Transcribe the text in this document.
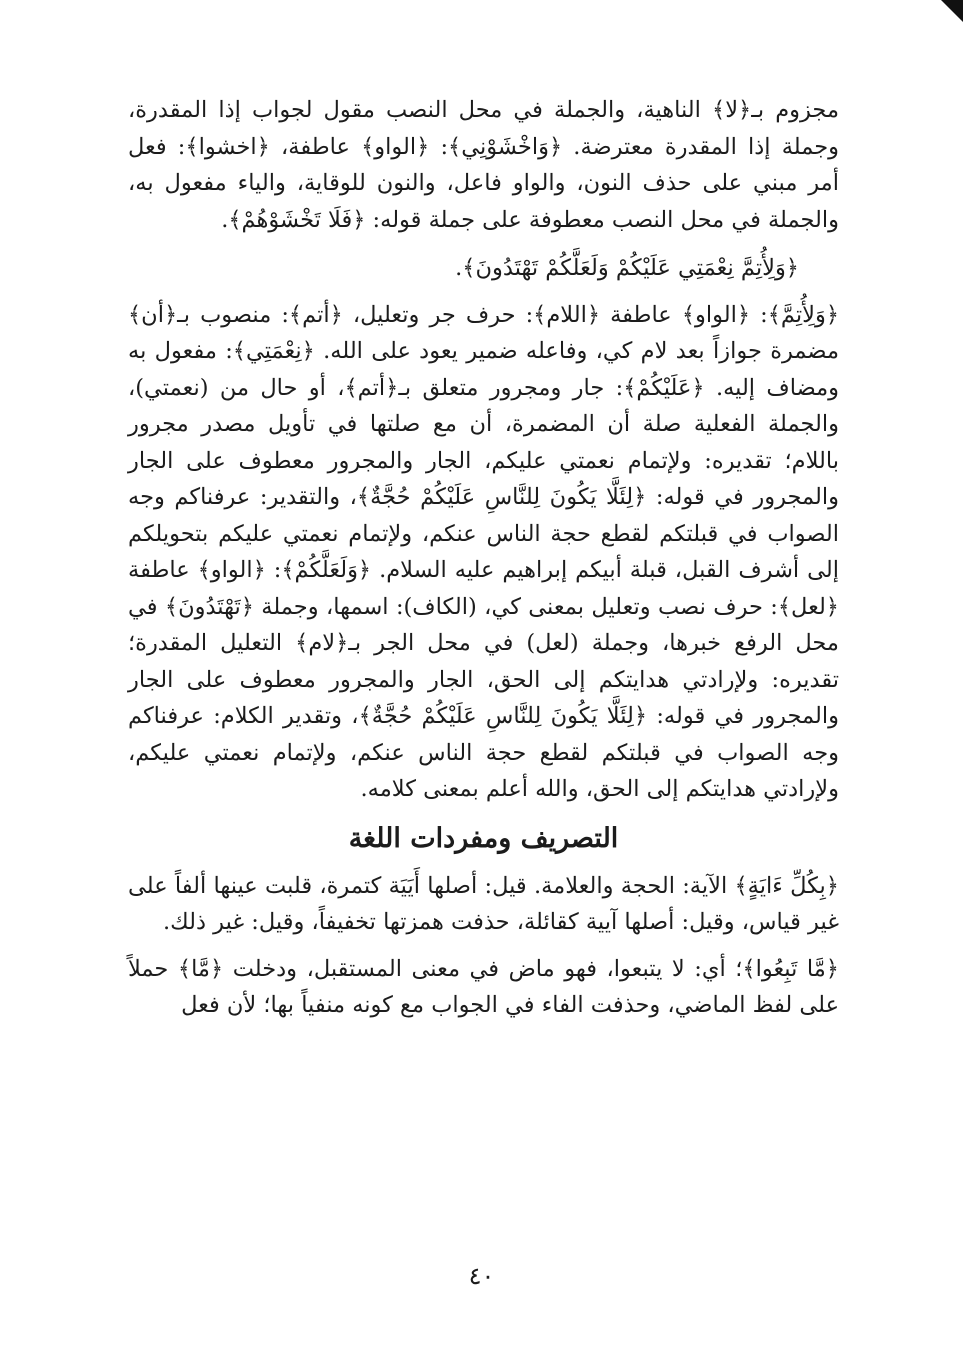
مجزوم بـ﴿لا﴾ الناهية، والجملة في محل النصب مقول لجواب إذا المقدرة، وجملة إذا المقدرة معترضة. ﴿وَاخْشَوْنِي﴾: ﴿الواو﴾ عاطفة، ﴿اخشوا﴾: فعل أمر مبني على حذف النون، والواو فاعل، والنون للوقاية، والياء مفعول به، والجملة في محل النصب معطوفة على جملة قوله: ﴿فَلَا تَخْشَوْهُمْ﴾.

﴿وَلِأُتِمَّ نِعْمَتِي عَلَيْكُمْ وَلَعَلَّكُمْ تَهْتَدُونَ﴾.

﴿وَلِأُتِمَّ﴾: ﴿الواو﴾ عاطفة ﴿اللام﴾: حرف جر وتعليل، ﴿أتم﴾: منصوب بـ﴿أن﴾ مضمرة جوازاً بعد لام كي، وفاعله ضمير يعود على الله. ﴿نِعْمَتِي﴾: مفعول به ومضاف إليه. ﴿عَلَيْكُمْ﴾: جار ومجرور متعلق بـ﴿أتم﴾، أو حال من (نعمتي)، والجملة الفعلية صلة أن المضمرة، أن مع صلتها في تأويل مصدر مجرور باللام؛ تقديره: ولإتمام نعمتي عليكم، الجار والمجرور معطوف على الجار والمجرور في قوله: ﴿لِئَلَّا يَكُونَ لِلنَّاسِ عَلَيْكُمْ حُجَّةٌ﴾، والتقدير: عرفناكم وجه الصواب في قبلتكم لقطع حجة الناس عنكم، ولإتمام نعمتي عليكم بتحويلكم إلى أشرف القبل، قبلة أبيكم إبراهيم عليه السلام. ﴿وَلَعَلَّكُمْ﴾: ﴿الواو﴾ عاطفة ﴿لعل﴾: حرف نصب وتعليل بمعنى كي، (الكاف): اسمها، وجملة ﴿تَهْتَدُونَ﴾ في محل الرفع خبرها، وجملة (لعل) في محل الجر بـ﴿لام﴾ التعليل المقدرة؛ تقديره: ولإرادتي هدايتكم إلى الحق، الجار والمجرور معطوف على الجار والمجرور في قوله: ﴿لِئَلَّا يَكُونَ لِلنَّاسِ عَلَيْكُمْ حُجَّةٌ﴾، وتقدير الكلام: عرفناكم وجه الصواب في قبلتكم لقطع حجة الناس عنكم، ولإتمام نعمتي عليكم، ولإرادتي هدايتكم إلى الحق، والله أعلم بمعنى كلامه.

التصريف ومفردات اللغة

﴿بِكُلِّ ءَايَةٍ﴾ الآية: الحجة والعلامة. قيل: أصلها أَيَيَة كتمرة، قلبت عينها ألفاً على غير قياس، وقيل: أصلها آيية كقائلة، حذفت همزتها تخفيفاً، وقيل: غير ذلك.

﴿مَّا تَبِعُوا﴾؛ أي: لا يتبعوا، فهو ماض في معنى المستقبل، ودخلت ﴿مَّا﴾ حملاً على لفظ الماضي، وحذفت الفاء في الجواب مع كونه منفياً بها؛ لأن فعل

٤٠
